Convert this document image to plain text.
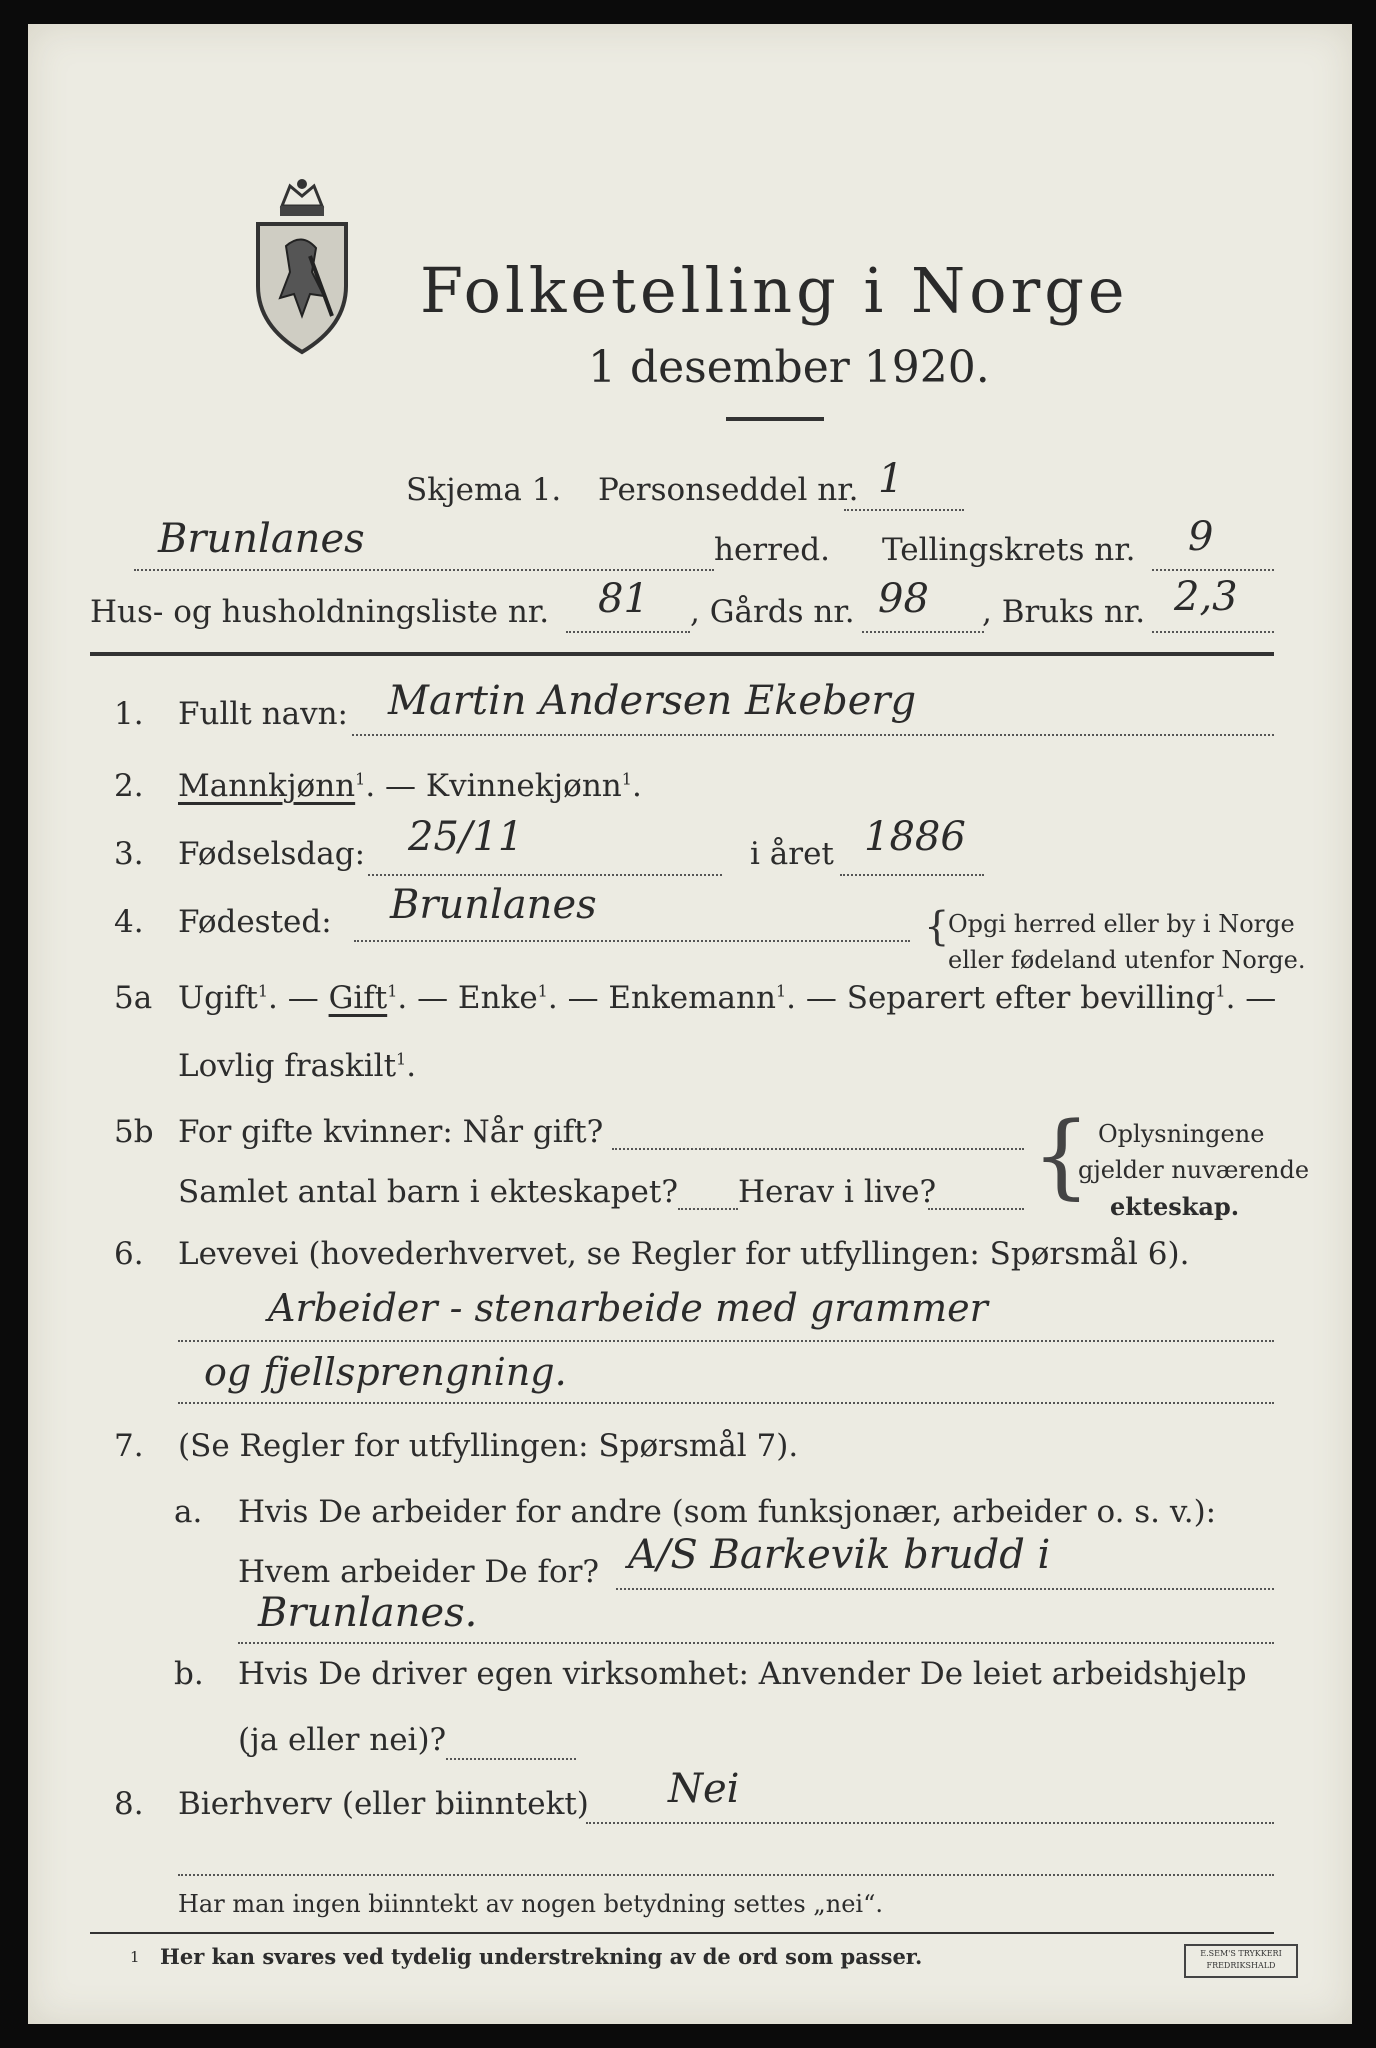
Folketelling i Norge
1 desember 1920.
Skjema 1. Personseddel nr. 1
Brunlanes	herred. Tellingskrets nr. 9
Hus- og husholdningsliste nr. 81 , Gårds nr. 98 , Bruks nr. 2,3
1. Fullt navn: Martin Andersen Ekeberg
2. Mannkjønn$^1$. — Kvinnekjønn$^1$.
3. Fødselsdag: 25/11	i året 1886
4. Fødested: Brunlanes	{
Opgi herred eller by i Norge
eller fødeland utenfor Norge.
5a Ugift$^1$. — Gift$^1$. — Enke$^1$. — Enkemann$^1$. — Separert efter bevilling$^1$. —
Lovlig fraskilt$^1$.
5b For gifte kvinner: Når gift?
Samlet antal barn i ekteskapet? Herav i live? { Oplysningene
gjelder nuværende
ekteskap.
6. Levevei (hovederhvervet, se Regler for utfyllingen: Spørsmål 6).
Arbeider - stenarbeide med grammer
og fjellsprengning.
7. (Se Regler for utfyllingen: Spørsmål 7).
a. Hvis De arbeider for andre (som funksjonær, arbeider o. s. v.):
Hvem arbeider De for? A/S Barkevik brudd i
Brunlanes.
b. Hvis De driver egen virksomhet: Anvender De leiet arbeidshjelp
(ja eller nei)?
8. Bierhverv (eller biinntekt) Nei
Har man ingen biinntekt av nogen betydning settes „nei“.
1 Her kan svares ved tydelig understrekning av de ord som passer.	E.SEM'S TRYKKERI FREDRIKSHALD
